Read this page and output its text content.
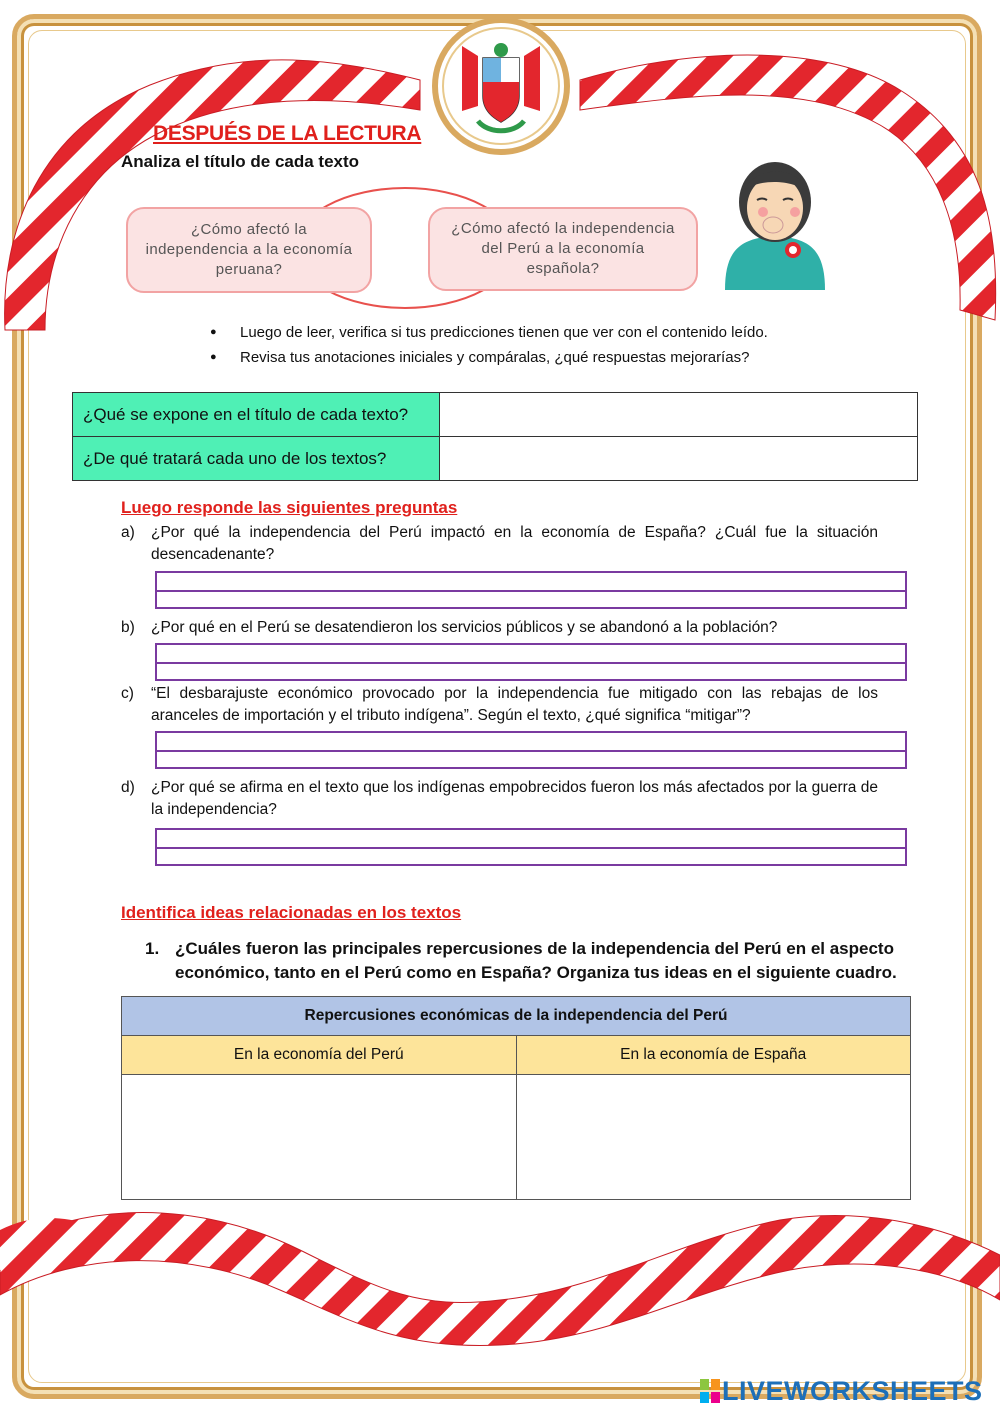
DESPUÉS DE LA LECTURA
Analiza el título de cada texto
¿Cómo afectó la independencia a la economía peruana?
¿Cómo afectó la independencia del Perú a la economía española?
● Luego de leer, verifica si tus predicciones tienen que ver con el contenido leído.
● Revisa tus anotaciones iniciales y compáralas, ¿qué respuestas mejorarías?
¿Qué se expone en el título de cada texto?	
¿De qué tratará cada uno de los textos?	
Luego responde las siguientes preguntas
a) ¿Por qué la independencia del Perú impactó en la economía de España? ¿Cuál fue la situación desencadenante?
b) ¿Por qué en el Perú se desatendieron los servicios públicos y se abandonó a la población?
c) “El desbarajuste económico provocado por la independencia fue mitigado con las rebajas de los aranceles de importación y el tributo indígena”. Según el texto, ¿qué significa “mitigar”?
d) ¿Por qué se afirma en el texto que los indígenas empobrecidos fueron los más afectados por la guerra de la independencia?
Identifica ideas relacionadas en los textos
1. ¿Cuáles fueron las principales repercusiones de la independencia del Perú en el aspecto económico, tanto en el Perú como en España? Organiza tus ideas en el siguiente cuadro.
Repercusiones económicas de la independencia del Perú	
En la economía del Perú	En la economía de España

LIVEWORKSHEETS
